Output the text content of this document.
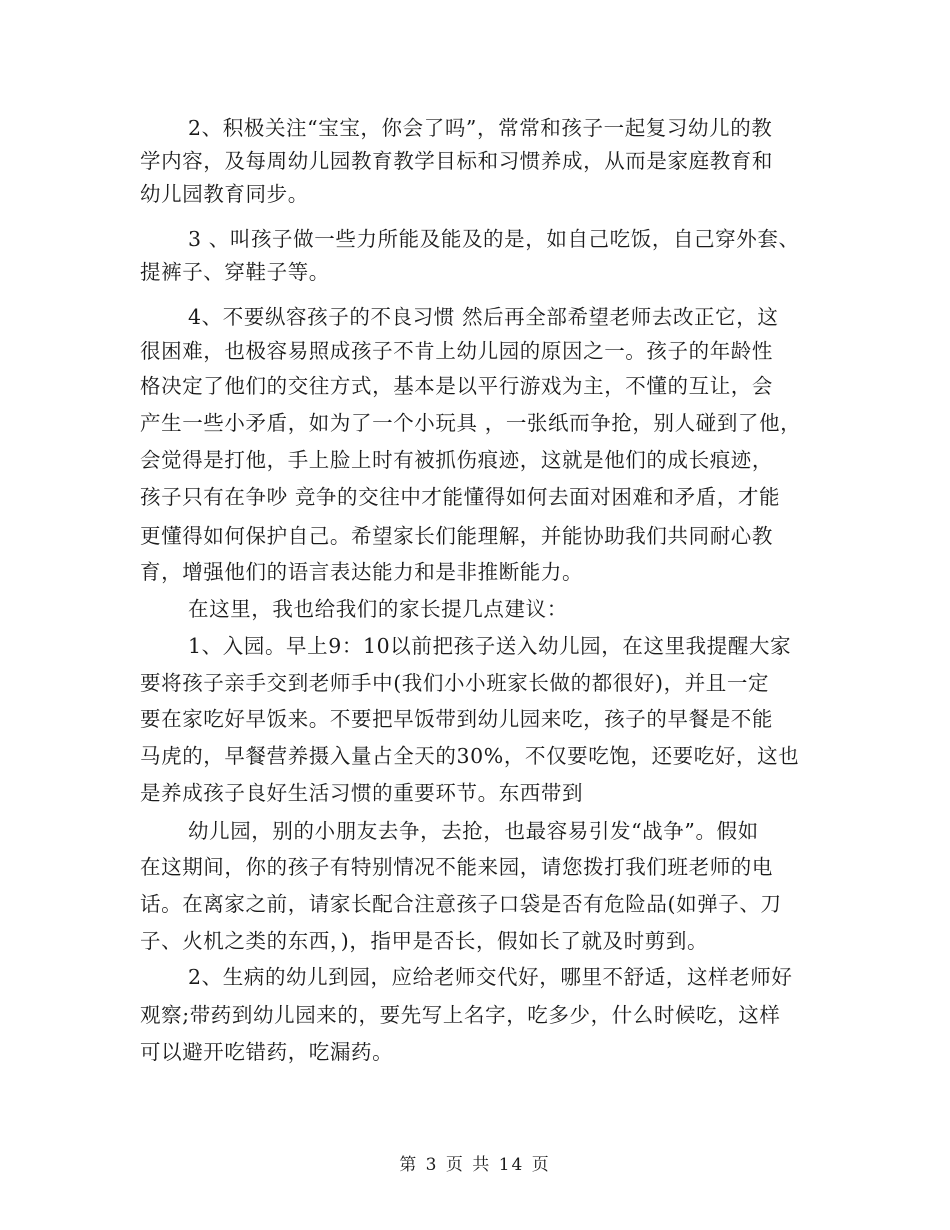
2、积极关注“宝宝，你会了吗”，常常和孩子一起复习幼儿的教
学内容，及每周幼儿园教育教学目标和习惯养成，从而是家庭教育和
幼儿园教育同步。
3 、叫孩子做一些力所能及能及的是，如自己吃饭，自己穿外套、
提裤子、穿鞋子等。
4、不要纵容孩子的不良习惯 然后再全部希望老师去改正它，这
很困难，也极容易照成孩子不肯上幼儿园的原因之一。孩子的年龄性
格决定了他们的交往方式，基本是以平行游戏为主，不懂的互让，会
产生一些小矛盾，如为了一个小玩具 ，一张纸而争抢，别人碰到了他，
会觉得是打他，手上脸上时有被抓伤痕迹，这就是他们的成长痕迹，
孩子只有在争吵 竞争的交往中才能懂得如何去面对困难和矛盾，才能
更懂得如何保护自己。希望家长们能理解，并能协助我们共同耐心教
育，增强他们的语言表达能力和是非推断能力。
在这里，我也给我们的家长提几点建议：
1、入园。早上9：10以前把孩子送入幼儿园，在这里我提醒大家
要将孩子亲手交到老师手中(我们小小班家长做的都很好)，并且一定
要在家吃好早饭来。不要把早饭带到幼儿园来吃，孩子的早餐是不能
马虎的，早餐营养摄入量占全天的30%，不仅要吃饱，还要吃好，这也
是养成孩子良好生活习惯的重要环节。东西带到
幼儿园，别的小朋友去争，去抢，也最容易引发“战争”。假如
在这期间，你的孩子有特别情况不能来园，请您拨打我们班老师的电
话。在离家之前，请家长配合注意孩子口袋是否有危险品(如弹子、刀
子、火机之类的东西，)，指甲是否长，假如长了就及时剪到。
2、生病的幼儿到园，应给老师交代好，哪里不舒适，这样老师好
观察;带药到幼儿园来的，要先写上名字，吃多少，什么时候吃，这样
可以避开吃错药，吃漏药。
第 3 页 共 14 页
